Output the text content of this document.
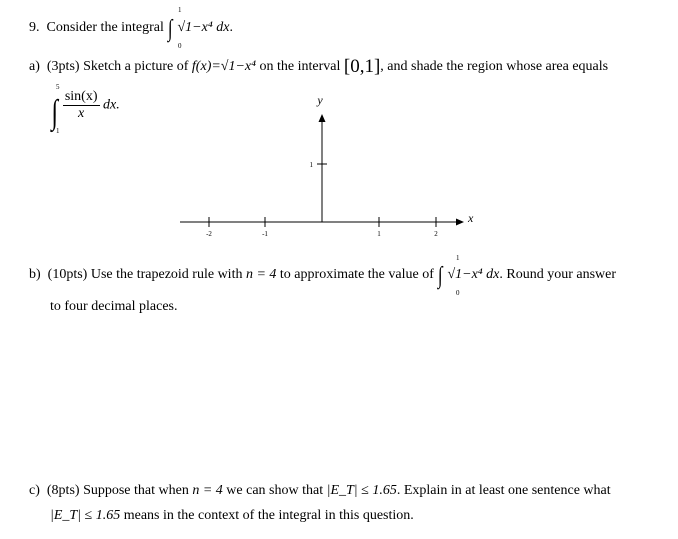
9. Consider the integral ∫ √1−x⁴ dx.
1
0
a) (3pts) Sketch a picture of f(x)=√1−x⁴ on the interval [0,1], and shade the region whose area equals
5
∫ $\frac{\sin(x)}{x}$ dx.
1
-2	-1	1	2
1
y
x
b) (10pts) Use the trapezoid rule with n = 4 to approximate the value of ∫ √1−x⁴ dx. Round your answer
1
0
to four decimal places.
c) (8pts) Suppose that when n = 4 we can show that |E_T| ≤ 1.65. Explain in at least one sentence what
|E_T| ≤ 1.65 means in the context of the integral in this question.
